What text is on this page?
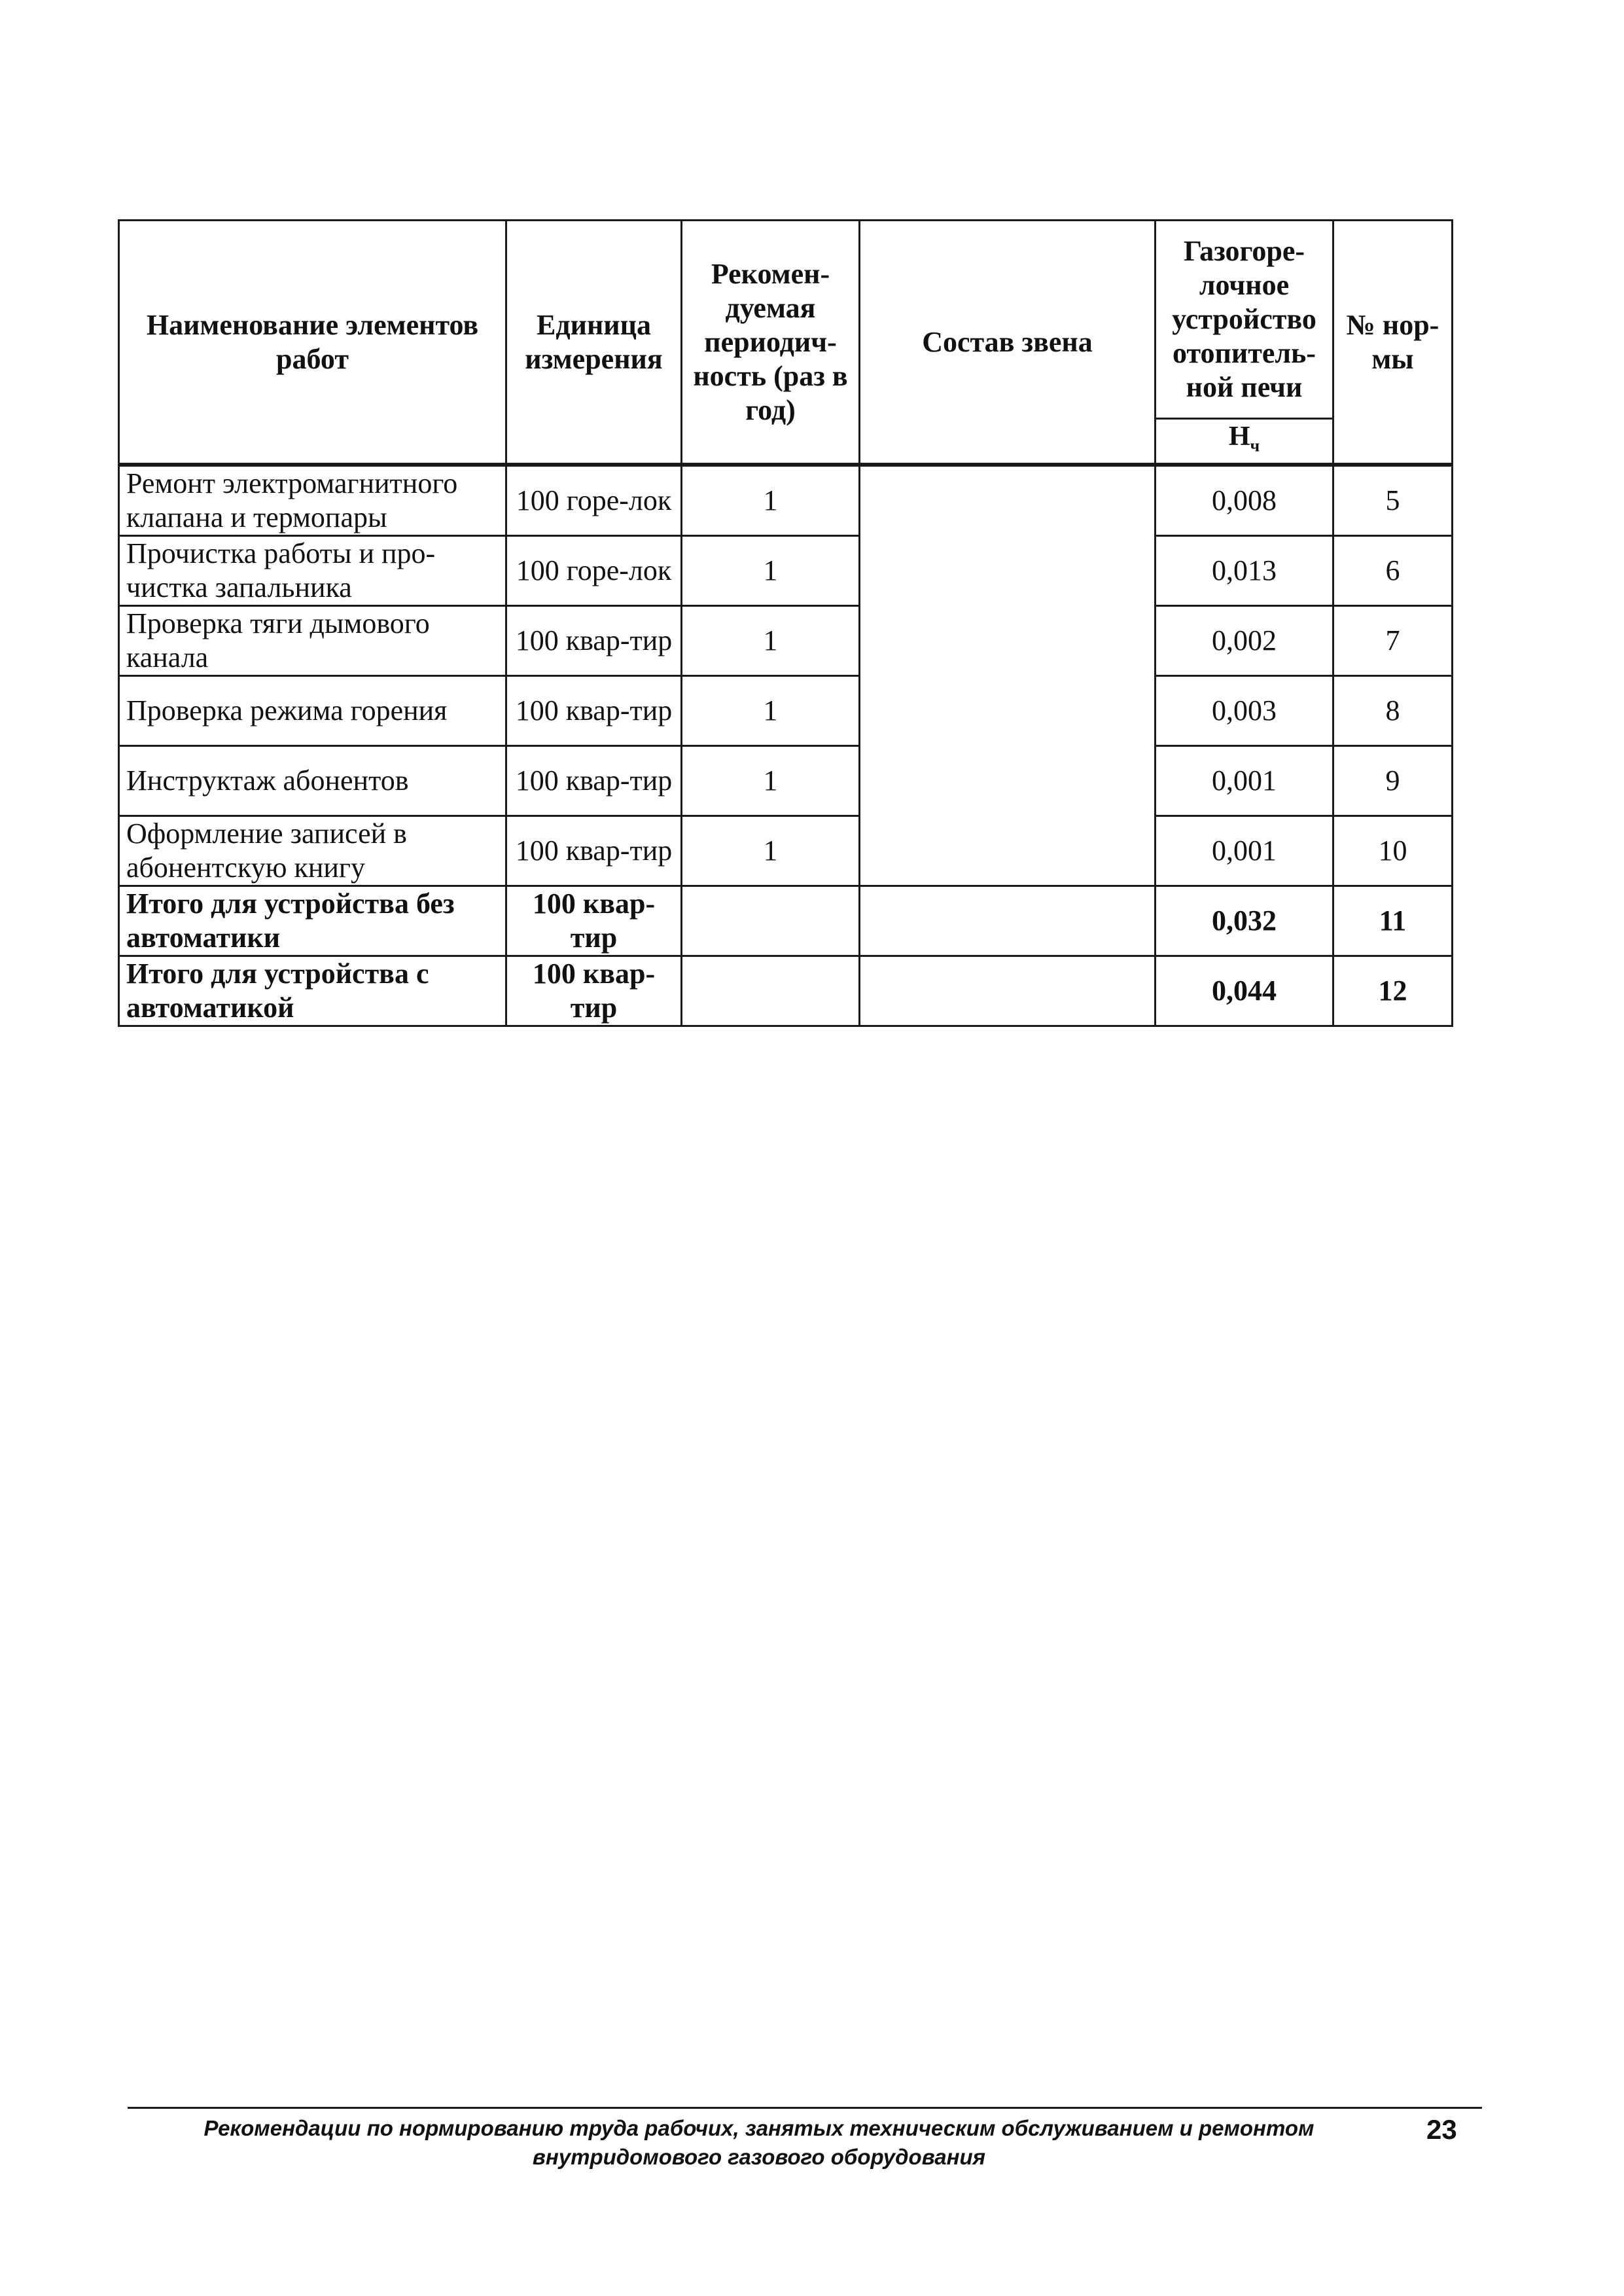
Наименование элементов работ	Единица измерения	Рекомен-дуемая периодич-ность (раз в год)	Состав звена	Газогоре-лочное устройство отопитель-ной печи	№ нор-мы
				$Н_ч$
Ремонт электромагнитного клапана и термопары	100 горе-лок	1		0,008	5
Прочистка работы и про-чистка запальника	100 горе-лок	1		0,013	6
Проверка тяги дымового канала	100 квар-тир	1		0,002	7
Проверка режима горения	100 квар-тир	1		0,003	8
Инструктаж абонентов	100 квар-тир	1		0,001	9
Оформление записей в абонентскую книгу	100 квар-тир	1		0,001	10
Итого для устройства без автоматики	100 квар-тир			0,032	11
Итого для устройства с автоматикой	100 квар-тир			0,044	12
Рекомендации по нормированию труда рабочих, занятых техническим обслуживанием и ремонтом внутридомового газового оборудования
23
